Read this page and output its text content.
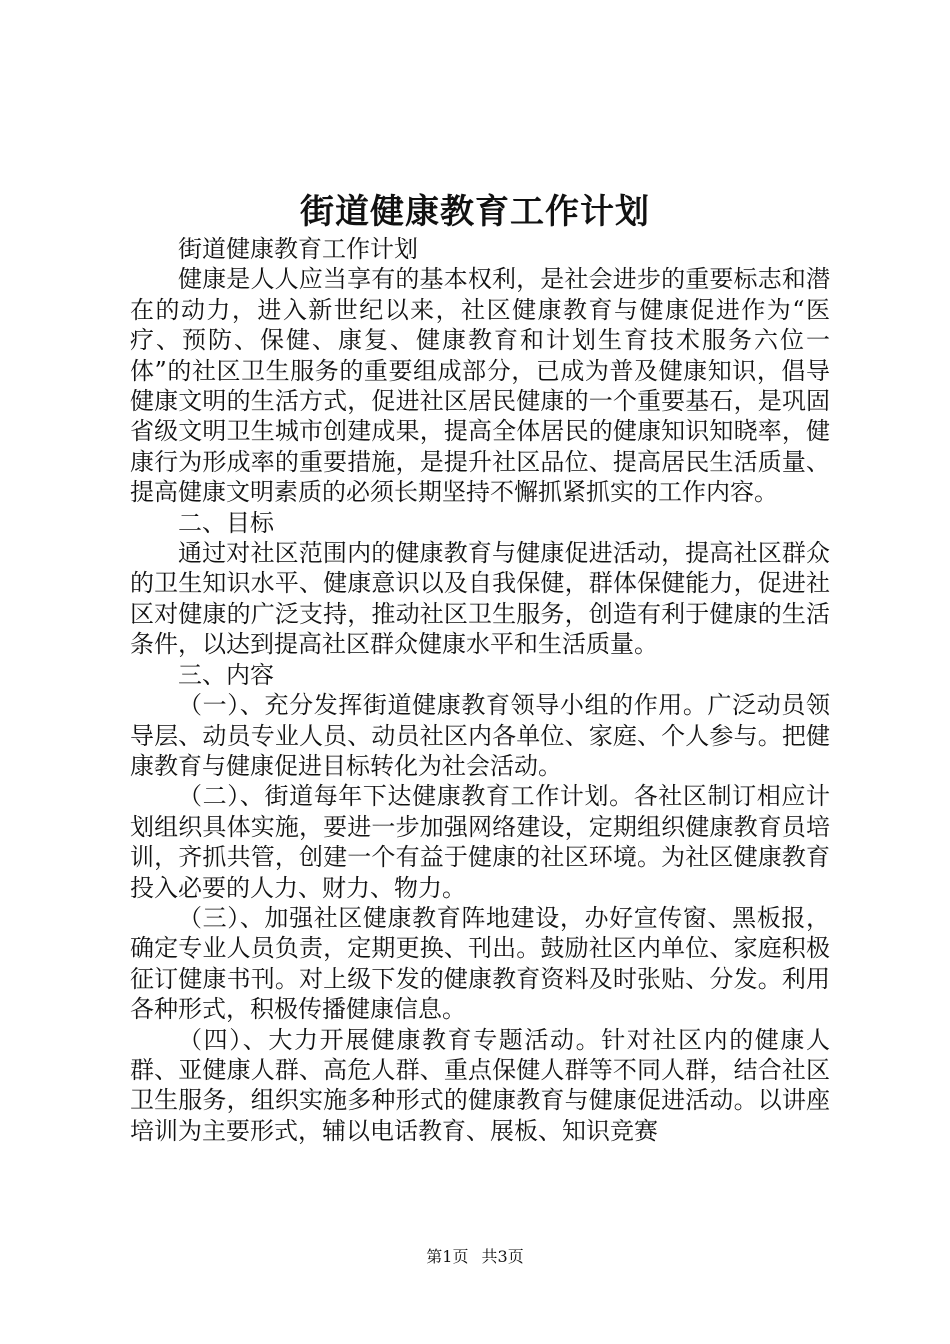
街道健康教育工作计划

街道健康教育工作计划

健康是人人应当享有的基本权利，是社会进步的重要标志和潜在的动力，进入新世纪以来，社区健康教育与健康促进作为“医疗、预防、保健、康复、健康教育和计划生育技术服务六位一体”的社区卫生服务的重要组成部分，已成为普及健康知识，倡导健康文明的生活方式，促进社区居民健康的一个重要基石，是巩固省级文明卫生城市创建成果，提高全体居民的健康知识知晓率，健康行为形成率的重要措施，是提升社区品位、提高居民生活质量、提高健康文明素质的必须长期坚持不懈抓紧抓实的工作内容。

二、目标

通过对社区范围内的健康教育与健康促进活动，提高社区群众的卫生知识水平、健康意识以及自我保健，群体保健能力，促进社区对健康的广泛支持，推动社区卫生服务，创造有利于健康的生活条件，以达到提高社区群众健康水平和生活质量。

三、内容

（一）、充分发挥街道健康教育领导小组的作用。广泛动员领导层、动员专业人员、动员社区内各单位、家庭、个人参与。把健康教育与健康促进目标转化为社会活动。

（二）、街道每年下达健康教育工作计划。各社区制订相应计划组织具体实施，要进一步加强网络建设，定期组织健康教育员培训，齐抓共管，创建一个有益于健康的社区环境。为社区健康教育投入必要的人力、财力、物力。

（三）、加强社区健康教育阵地建设，办好宣传窗、黑板报，确定专业人员负责，定期更换、刊出。鼓励社区内单位、家庭积极征订健康书刊。对上级下发的健康教育资料及时张贴、分发。利用各种形式，积极传播健康信息。

（四）、大力开展健康教育专题活动。针对社区内的健康人群、亚健康人群、高危人群、重点保健人群等不同人群，结合社区卫生服务，组织实施多种形式的健康教育与健康促进活动。以讲座培训为主要形式，辅以电话教育、展板、知识竞赛

第1页 共3页
